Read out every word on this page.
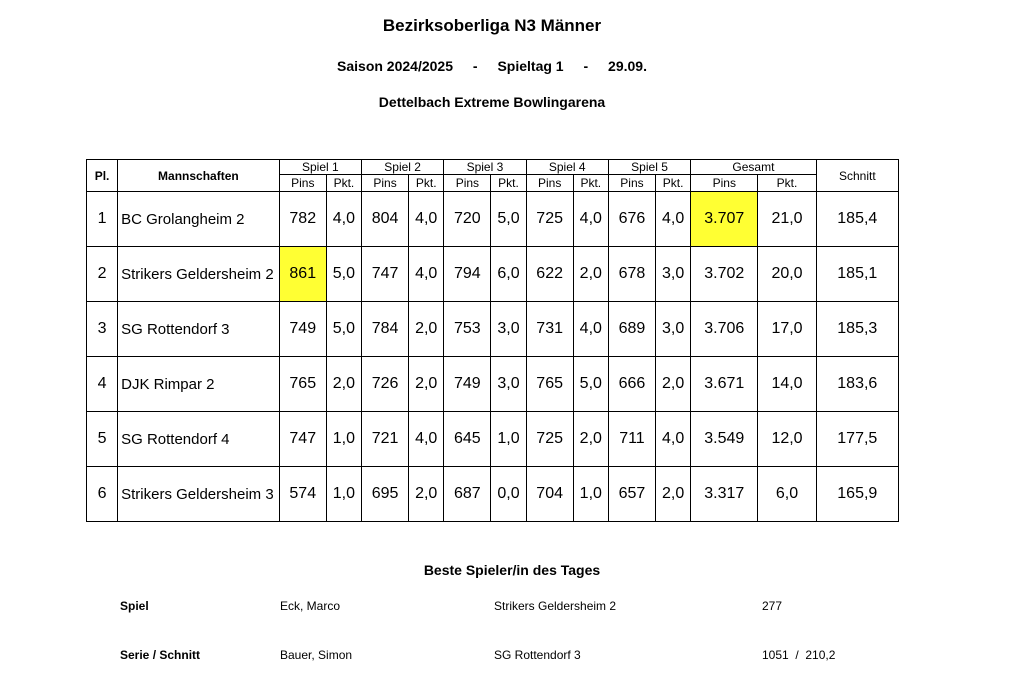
Bezirksoberliga N3 Männer
Saison 2024/2025 - Spieltag 1 - 29.09.
Dettelbach Extreme Bowlingarena
Pl.	Mannschaften	Spiel 1		Spiel 2		Spiel 3		Spiel 4		Spiel 5		Gesamt		Schnitt
		Pins	Pkt.	Pins	Pkt.	Pins	Pkt.	Pins	Pkt.	Pins	Pkt.	Pins	Pkt.	
1	BC Grolangheim 2	782	4,0	804	4,0	720	5,0	725	4,0	676	4,0	3.707	21,0	185,4
2	Strikers Geldersheim 2	861	5,0	747	4,0	794	6,0	622	2,0	678	3,0	3.702	20,0	185,1
3	SG Rottendorf 3	749	5,0	784	2,0	753	3,0	731	4,0	689	3,0	3.706	17,0	185,3
4	DJK Rimpar 2	765	2,0	726	2,0	749	3,0	765	5,0	666	2,0	3.671	14,0	183,6
5	SG Rottendorf 4	747	1,0	721	4,0	645	1,0	725	2,0	711	4,0	3.549	12,0	177,5
6	Strikers Geldersheim 3	574	1,0	695	2,0	687	0,0	704	1,0	657	2,0	3.317	6,0	165,9
Beste Spieler/in des Tages
Spiel	Eck, Marco	Strikers Geldersheim 2	277
Serie / Schnitt	Bauer, Simon	SG Rottendorf 3	1051  /  210,2
